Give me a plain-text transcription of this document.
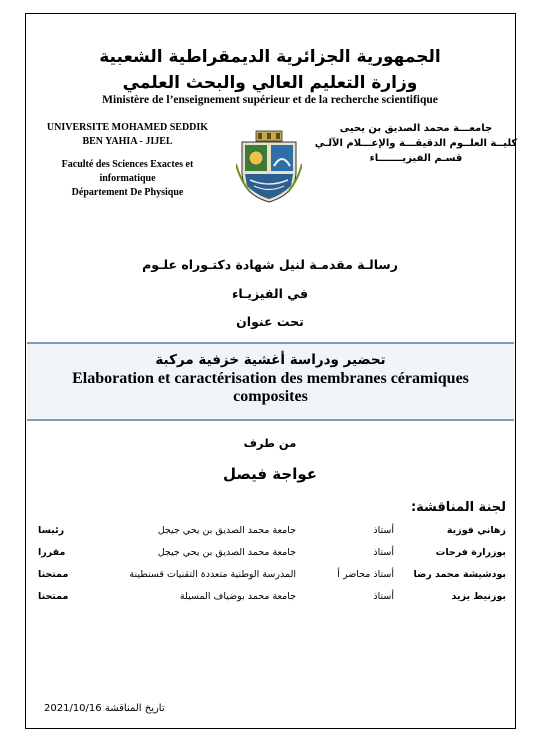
الجمهورية الجزائرية الديمقراطية الشعبية
وزارة التعليم العالي والبحث العلمي
Ministère de l’enseignement supérieur et de la recherche scientifique
UNIVERSITE MOHAMED SEDDIK
BEN YAHIA - JIJEL
Faculté des Sciences Exactes et
informatique
Département De Physique
جامعـــة محمد الصديق بن يحيى
كليــة العلــوم الدقيقـــة والإعـــلام الآلـي
قسـم الفيزيـــــــاء
رسالـة مقدمـة لنيل شهادة دكتـوراه علـوم
في الفيزيـاء
تحت عنوان
تحضير ودراسة أغشية خزفية مركبة
Elaboration et caractérisation des membranes céramiques
composites
من طرف
عواجة فيصل
لجنة المناقشة:
زهاني فوزية
أستاذ
جامعة محمد الصديق بن يحي جيجل
رئيسا
بوزرارة فرحات
أستاذ
جامعة محمد الصديق بن يحي جيجل
مقررا
بودشيشة محمد رضا
أستاذ محاضر أ
المدرسة الوطنية متعددة التقنيات قسنطينة
ممتحنا
بوزنيط يزيد
أستاذ
جامعة محمد بوضياف المسيلة
ممتحنا
تاريخ المناقشة 2021/10/16
